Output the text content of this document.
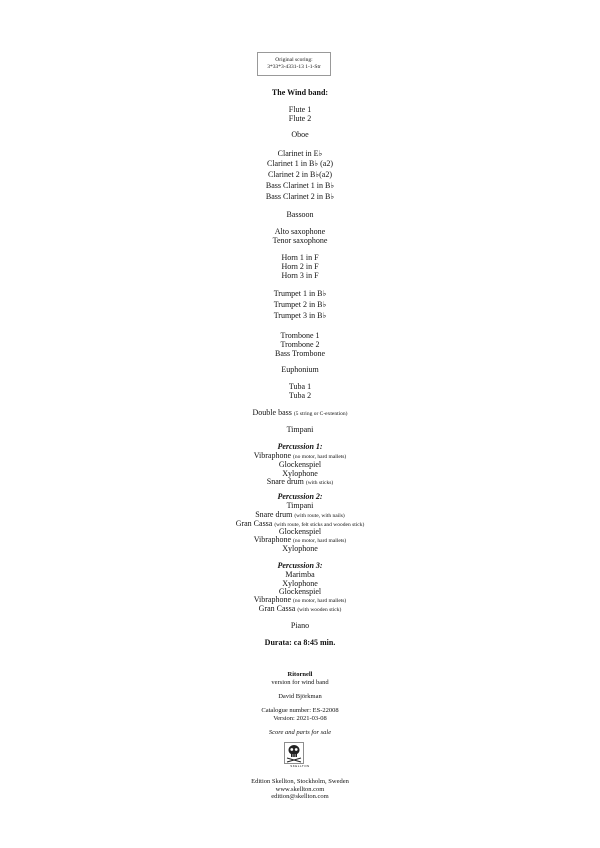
Original scoring:
3*33*3-4331-13 1-1-Str
The Wind band:
Flute 1
Flute 2
Oboe
Clarinet in E♭
Clarinet 1 in B♭ (a2)
Clarinet 2 in B♭(a2)
Bass Clarinet 1 in B♭
Bass Clarinet 2 in B♭
Bassoon
Alto saxophone
Tenor saxophone
Horn 1 in F
Horn 2 in F
Horn 3 in F
Trumpet 1 in B♭
Trumpet 2 in B♭
Trumpet 3 in B♭
Trombone 1
Trombone 2
Bass Trombone
Euphonium
Tuba 1
Tuba 2
Double bass (5 string or C-extention)
Timpani
Percussion 1:
Vibraphone (no motor, hard mallets)
Glockenspiel
Xylophone
Snare drum (with sticks)
Percussion 2:
Timpani
Snare drum (with route, with nails)
Gran Cassa (with route, felt sticks and wooden stick)
Glockenspiel
Vibraphone (no motor, hard mallets)
Xylophone
Percussion 3:
Marimba
Xylophone
Glockenspiel
Vibraphone (no motor, hard mallets)
Gran Cassa (with wooden stick)
Piano
Durata: ca 8:45 min.
Ritornell
version for wind band
David Björkman
Catalogue number: ES-22008
Version: 2021-03-08
Score and parts for sale
SKELLTON
Edition Skellton, Stockholm, Sweden
www.skellton.com
edition@skellton.com
